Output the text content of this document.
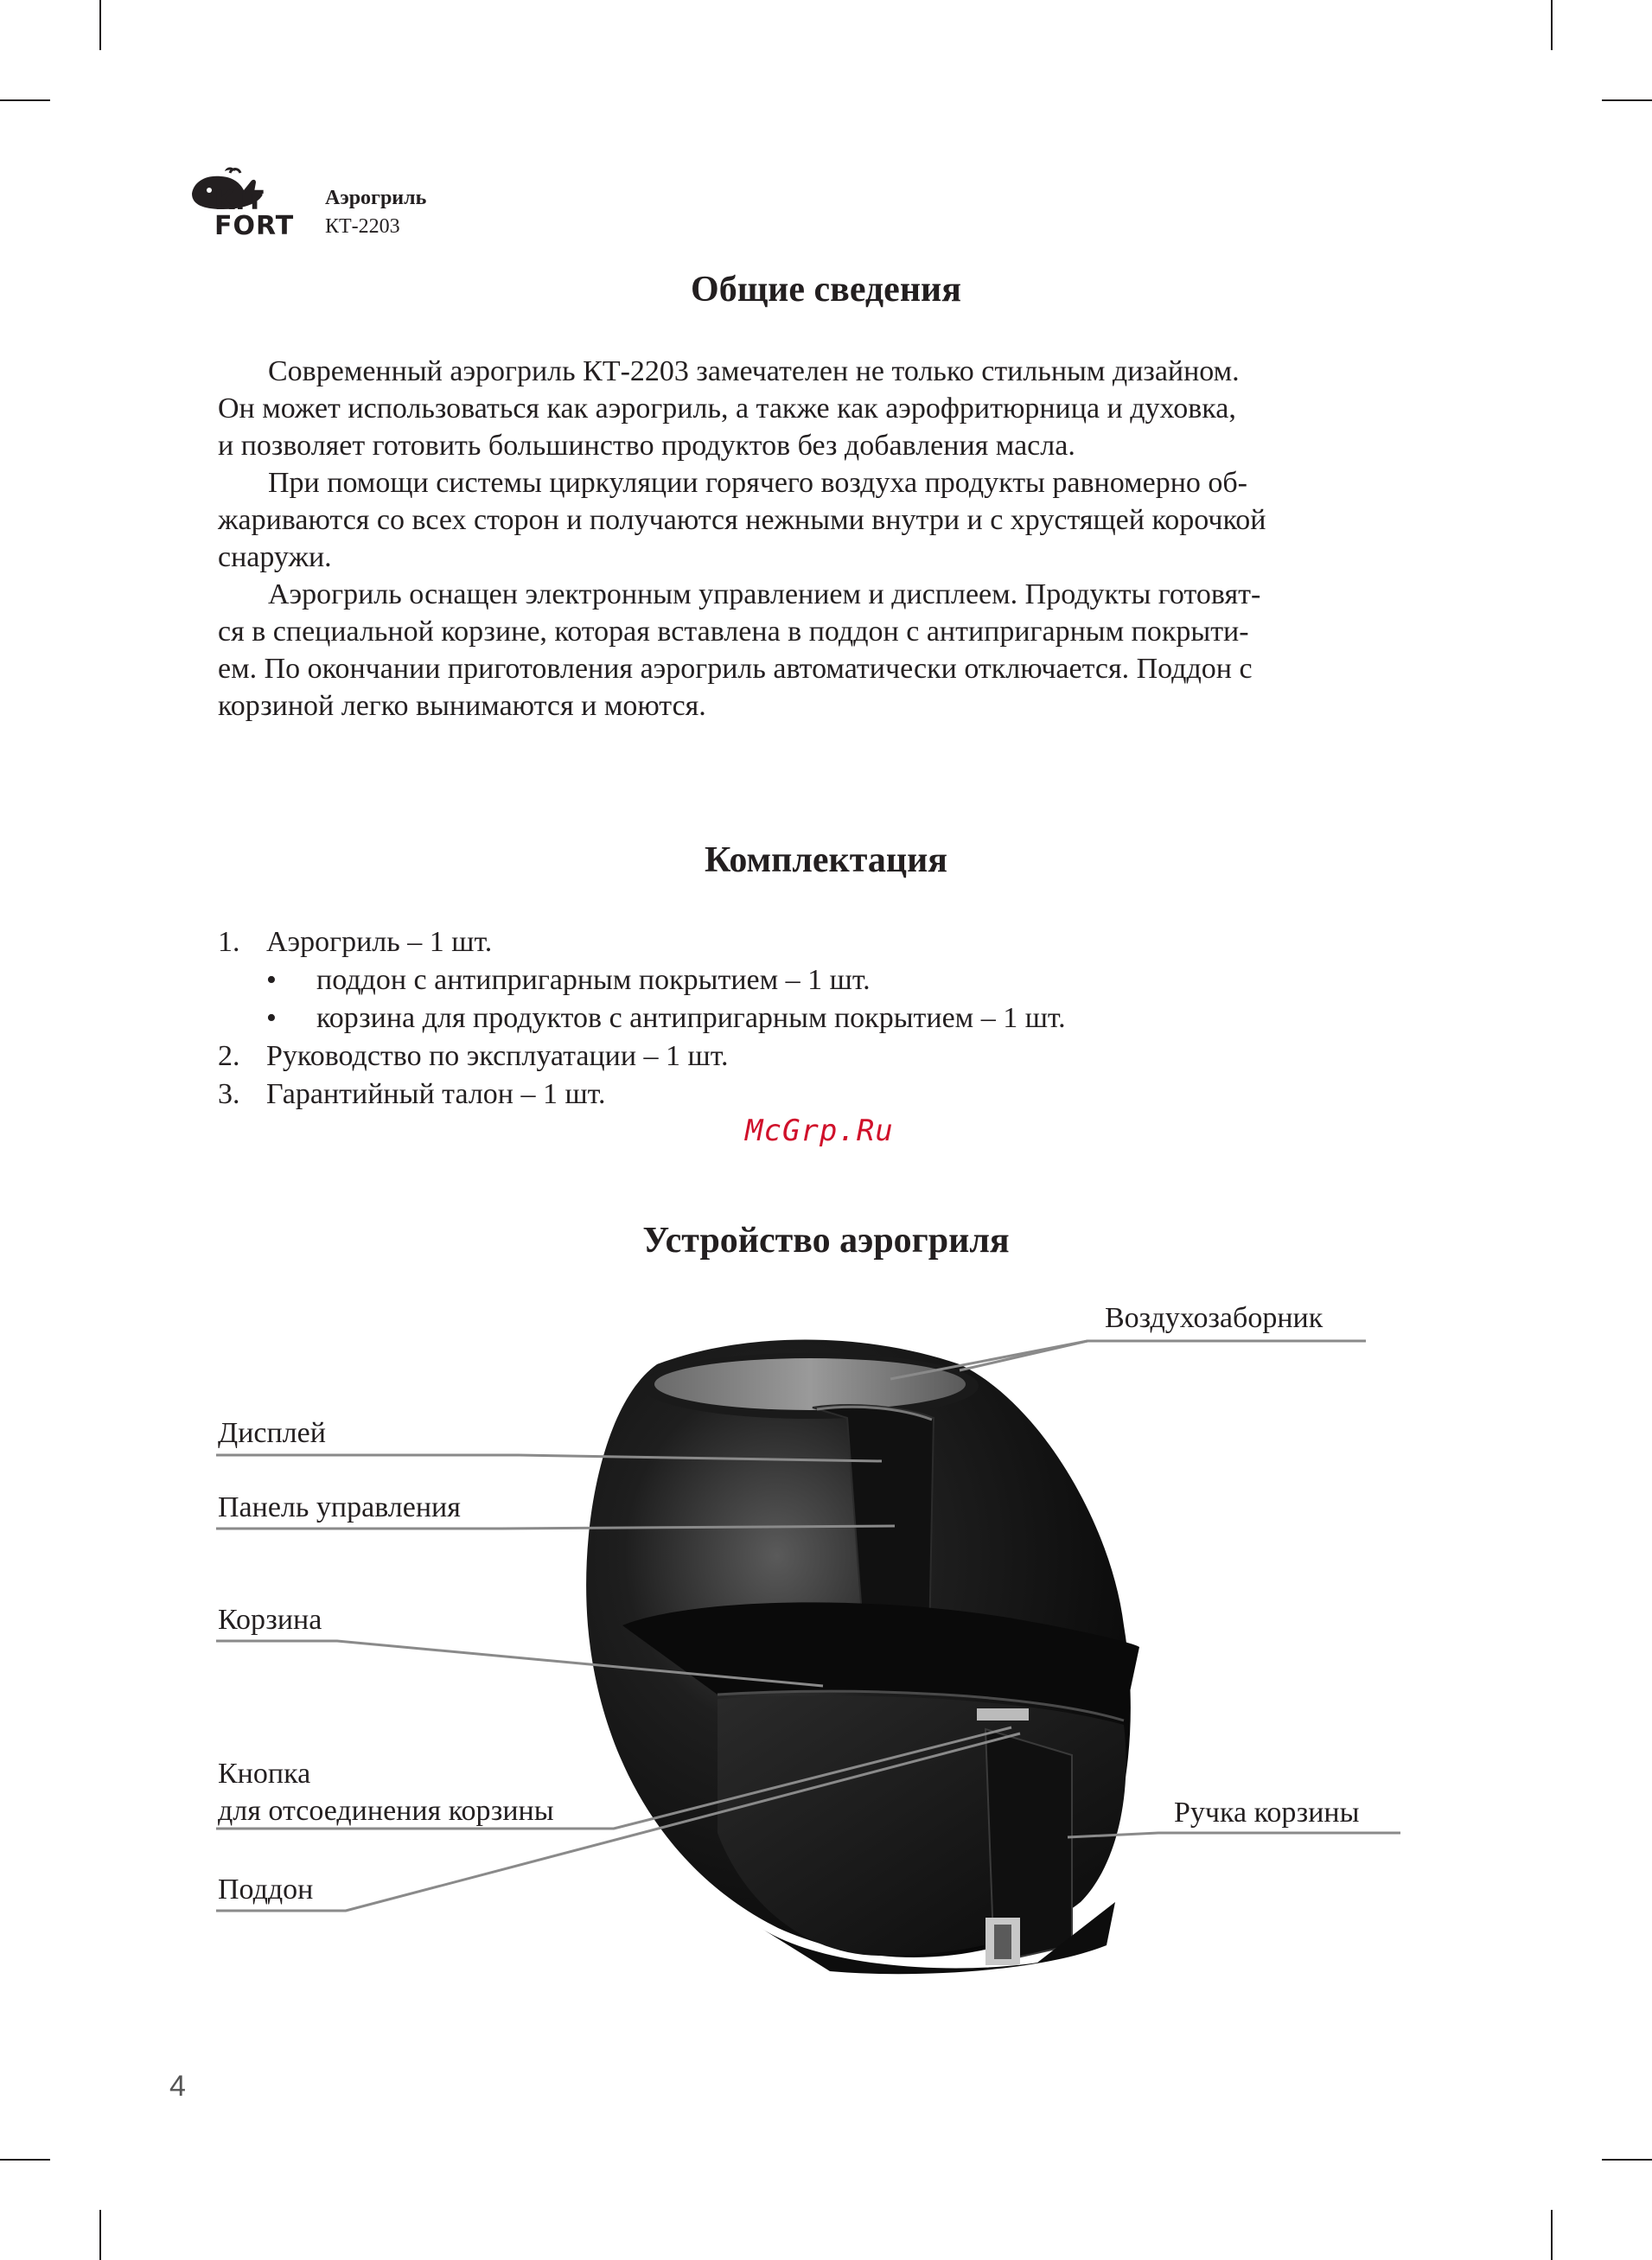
KIT
FORT
Аэрогриль
КТ-2203
Общие сведения

Современный аэрогриль КТ-2203 замечателен не только стильным дизайном.
Он может использоваться как аэрогриль, а также как аэрофритюрница и духовка,
и позволяет готовить большинство продуктов без добавления масла.

При помощи системы циркуляции горячего воздуха продукты равномерно об-
жариваются со всех сторон и получаются нежными внутри и с хрустящей корочкой
снаружи.

Аэрогриль оснащен электронным управлением и дисплеем. Продукты готовят-
ся в специальной корзине, которая вставлена в поддон с антипригарным покрыти-
ем. По окончании приготовления аэрогриль автоматически отключается. Поддон с
корзиной легко вынимаются и моются.

Комплектация
1. Аэрогриль – 1 шт.
• поддон с антипригарным покрытием – 1 шт.
• корзина для продуктов с антипригарным покрытием – 1 шт.
2. Руководство по эксплуатации – 1 шт.
3. Гарантийный талон – 1 шт.
McGrp.Ru
Устройство аэрогриля
Воздухозаборник
Дисплей
Панель управления
Корзина
Кнопка
для отсоединения корзины
Поддон
Ручка корзины
4
